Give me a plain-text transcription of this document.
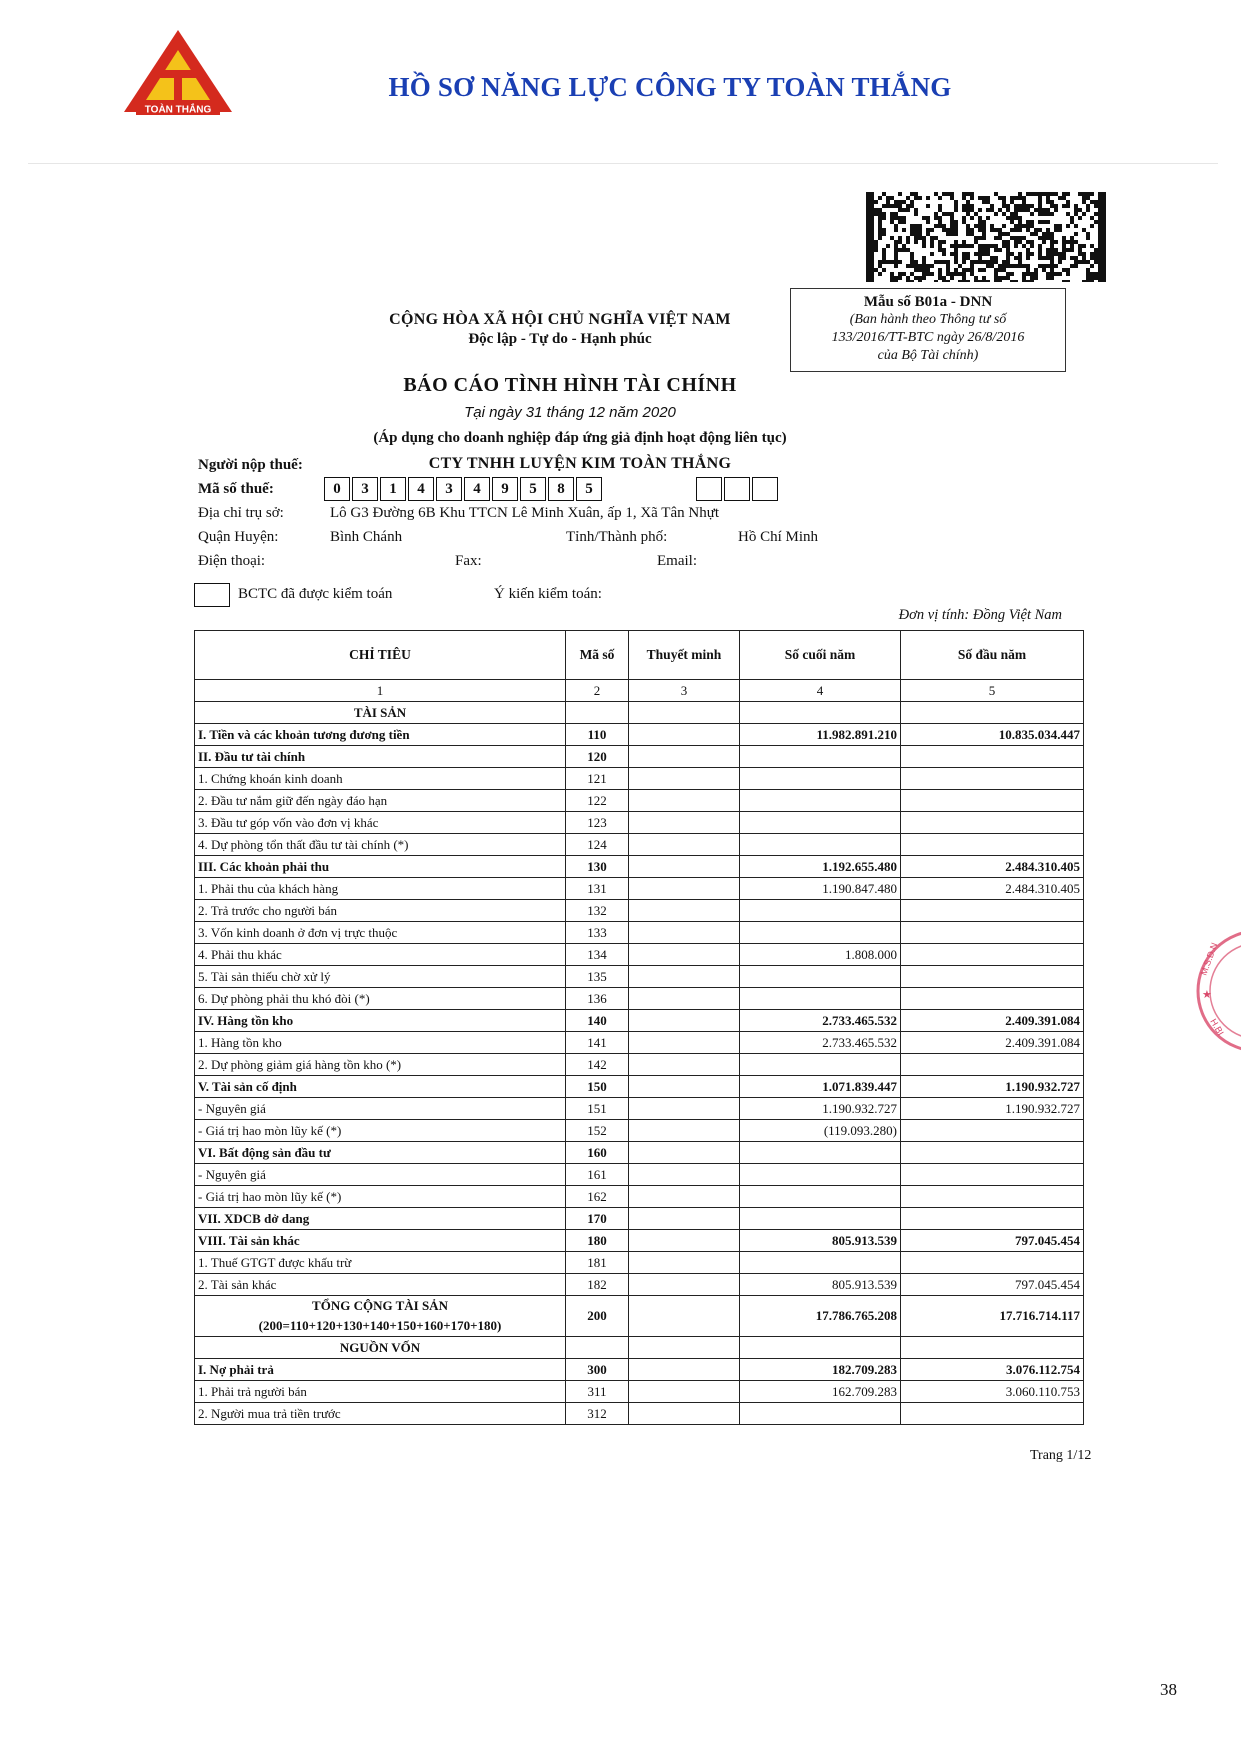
TOÀN THẮNG
HỒ SƠ NĂNG LỰC CÔNG TY TOÀN THẮNG
Mẫu số B01a - DNN
(Ban hành theo Thông tư số
133/2016/TT-BTC ngày 26/8/2016
của Bộ Tài chính)
CỘNG HÒA XÃ HỘI CHỦ NGHĨA VIỆT NAM
Độc lập - Tự do - Hạnh phúc
BÁO CÁO TÌNH HÌNH TÀI CHÍNH
Tại ngày 31 tháng 12 năm 2020
(Áp dụng cho doanh nghiệp đáp ứng giả định hoạt động liên tục)
Người nộp thuế:	CTY TNHH LUYỆN KIM TOÀN THẮNG
Mã số thuế:	0	3	1	4	3	4	9	5	8	5
Địa chỉ trụ sở:	Lô G3 Đường 6B Khu TTCN Lê Minh Xuân, ấp 1, Xã Tân Nhựt
Quận Huyện:	Bình Chánh	Tỉnh/Thành phố:	Hồ Chí Minh
Điện thoại:	Fax:	Email:
BCTC đã được kiểm toán	Ý kiến kiểm toán:
Đơn vị tính: Đồng Việt Nam
CHỈ TIÊU	Mã số	Thuyết minh	Số cuối năm	Số đầu năm
1	2	3	4	5
TÀI SẢN				
I. Tiền và các khoản tương đương tiền	110		11.982.891.210	10.835.034.447
II. Đầu tư tài chính	120			
1. Chứng khoán kinh doanh	121			
2. Đầu tư nắm giữ đến ngày đáo hạn	122			
3. Đầu tư góp vốn vào đơn vị khác	123			
4. Dự phòng tổn thất đầu tư tài chính (*)	124			
III. Các khoản phải thu	130		1.192.655.480	2.484.310.405
1. Phải thu của khách hàng	131		1.190.847.480	2.484.310.405
2. Trả trước cho người bán	132			
3. Vốn kinh doanh ở đơn vị trực thuộc	133			
4. Phải thu khác	134		1.808.000	
5. Tài sản thiếu chờ xử lý	135			
6. Dự phòng phải thu khó đòi (*)	136			
IV. Hàng tồn kho	140		2.733.465.532	2.409.391.084
1. Hàng tồn kho	141		2.733.465.532	2.409.391.084
2. Dự phòng giảm giá hàng tồn kho (*)	142			
V. Tài sản cố định	150		1.071.839.447	1.190.932.727
- Nguyên giá	151		1.190.932.727	1.190.932.727
- Giá trị hao mòn lũy kế (*)	152		(119.093.280)	
VI. Bất động sản đầu tư	160			
- Nguyên giá	161			
- Giá trị hao mòn lũy kế (*)	162			
VII. XDCB dở dang	170			
VIII. Tài sản khác	180		805.913.539	797.045.454
1. Thuế GTGT được khấu trừ	181			
2. Tài sản khác	182		805.913.539	797.045.454

TỔNG CỘNG TÀI SẢN
(200=110+120+130+140+150+160+170+180)	200		17.786.765.208	17.716.714.117
NGUỒN VỐN				
I. Nợ phải trả	300		182.709.283	3.076.112.754
1. Phải trả người bán	311		162.709.283	3.060.110.753
2. Người mua trả tiền trước	312			
Trang 1/12
38
M.S.D.N
★
H.BI
